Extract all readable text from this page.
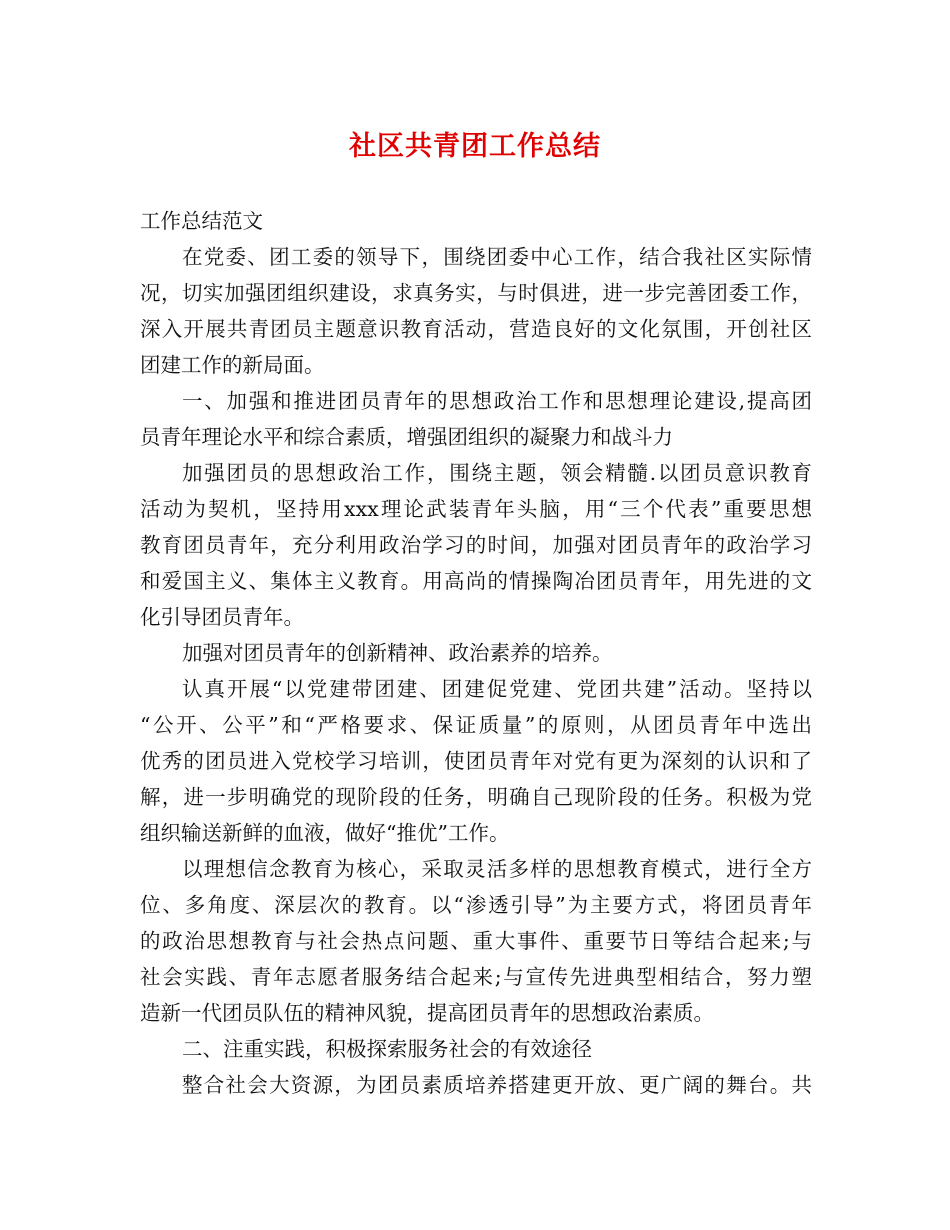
社区共青团工作总结
工作总结范文
在党委、团工委的领导下，围绕团委中心工作，结合我社区实际情
况，切实加强团组织建设，求真务实，与时俱进，进一步完善团委工作，
深入开展共青团员主题意识教育活动，营造良好的文化氛围，开创社区
团建工作的新局面。
一、加强和推进团员青年的思想政治工作和思想理论建设,提高团
员青年理论水平和综合素质，增强团组织的凝聚力和战斗力
加强团员的思想政治工作，围绕主题，领会精髓.以团员意识教育
活动为契机，坚持用xxx理论武装青年头脑，用“三个代表”重要思想
教育团员青年，充分利用政治学习的时间，加强对团员青年的政治学习
和爱国主义、集体主义教育。用高尚的情操陶冶团员青年，用先进的文
化引导团员青年。
加强对团员青年的创新精神、政治素养的培养。
认真开展“以党建带团建、团建促党建、党团共建”活动。坚持以
“公开、公平”和“严格要求、保证质量”的原则，从团员青年中选出
优秀的团员进入党校学习培训，使团员青年对党有更为深刻的认识和了
解，进一步明确党的现阶段的任务，明确自己现阶段的任务。积极为党
组织输送新鲜的血液，做好“推优”工作。
以理想信念教育为核心，采取灵活多样的思想教育模式，进行全方
位、多角度、深层次的教育。以“渗透引导”为主要方式，将团员青年
的政治思想教育与社会热点问题、重大事件、重要节日等结合起来;与
社会实践、青年志愿者服务结合起来;与宣传先进典型相结合，努力塑
造新一代团员队伍的精神风貌，提高团员青年的思想政治素质。
二、注重实践，积极探索服务社会的有效途径
整合社会大资源，为团员素质培养搭建更开放、更广阔的舞台。共
